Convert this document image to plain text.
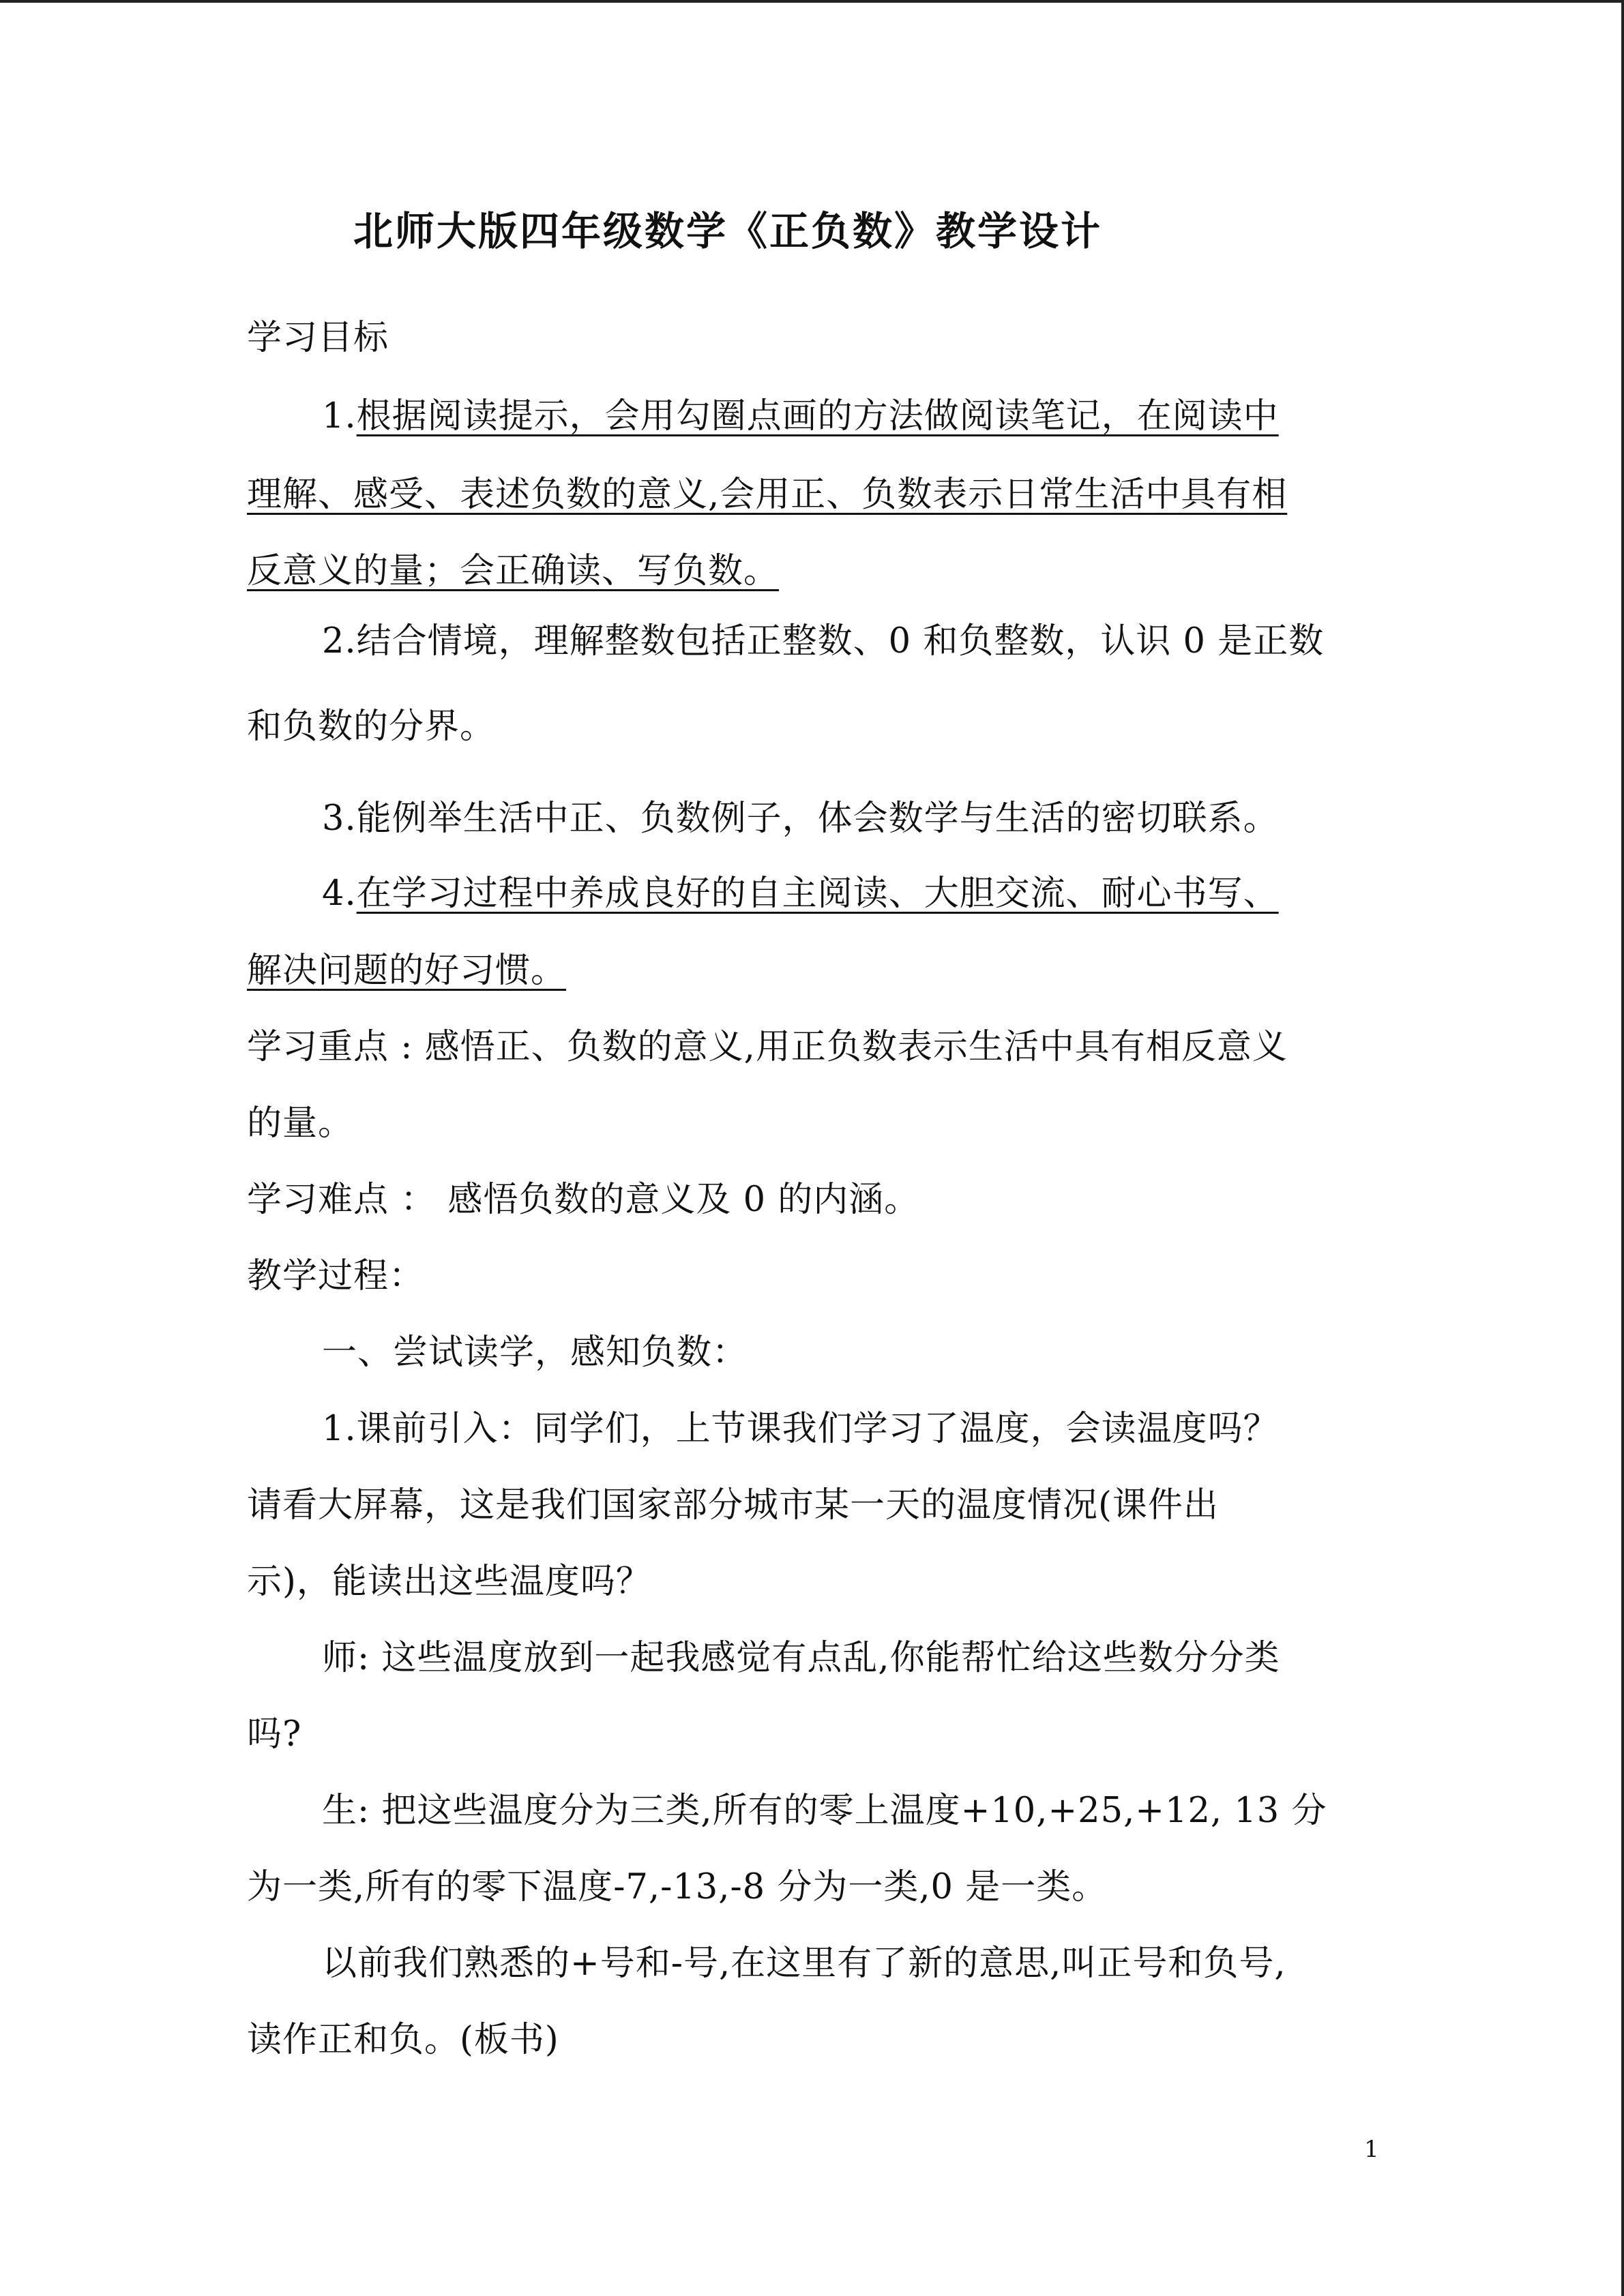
北师大版四年级数学《正负数》教学设计
学习目标
1.根据阅读提示，会用勾圈点画的方法做阅读笔记，在阅读中
理解、感受、表述负数的意义,会用正、负数表示日常生活中具有相
反意义的量；会正确读、写负数。
2.结合情境，理解整数包括正整数、0 和负整数，认识 0 是正数
和负数的分界。
3.能例举生活中正、负数例子，体会数学与生活的密切联系。
4.在学习过程中养成良好的自主阅读、大胆交流、耐心书写、
解决问题的好习惯。
学习重点 : 感悟正、负数的意义,用正负数表示生活中具有相反意义
的量。
学习难点 ： 感悟负数的意义及 0 的内涵。
教学过程：
一、尝试读学，感知负数：
1.课前引入：同学们，上节课我们学习了温度，会读温度吗？
请看大屏幕，这是我们国家部分城市某一天的温度情况(课件出
示)，能读出这些温度吗？
师: 这些温度放到一起我感觉有点乱,你能帮忙给这些数分分类
吗?
生: 把这些温度分为三类,所有的零上温度+10,+25,+12, 13 分
为一类,所有的零下温度-7,-13,-8 分为一类,0 是一类。
以前我们熟悉的+号和-号,在这里有了新的意思,叫正号和负号,
读作正和负。(板书)
1
